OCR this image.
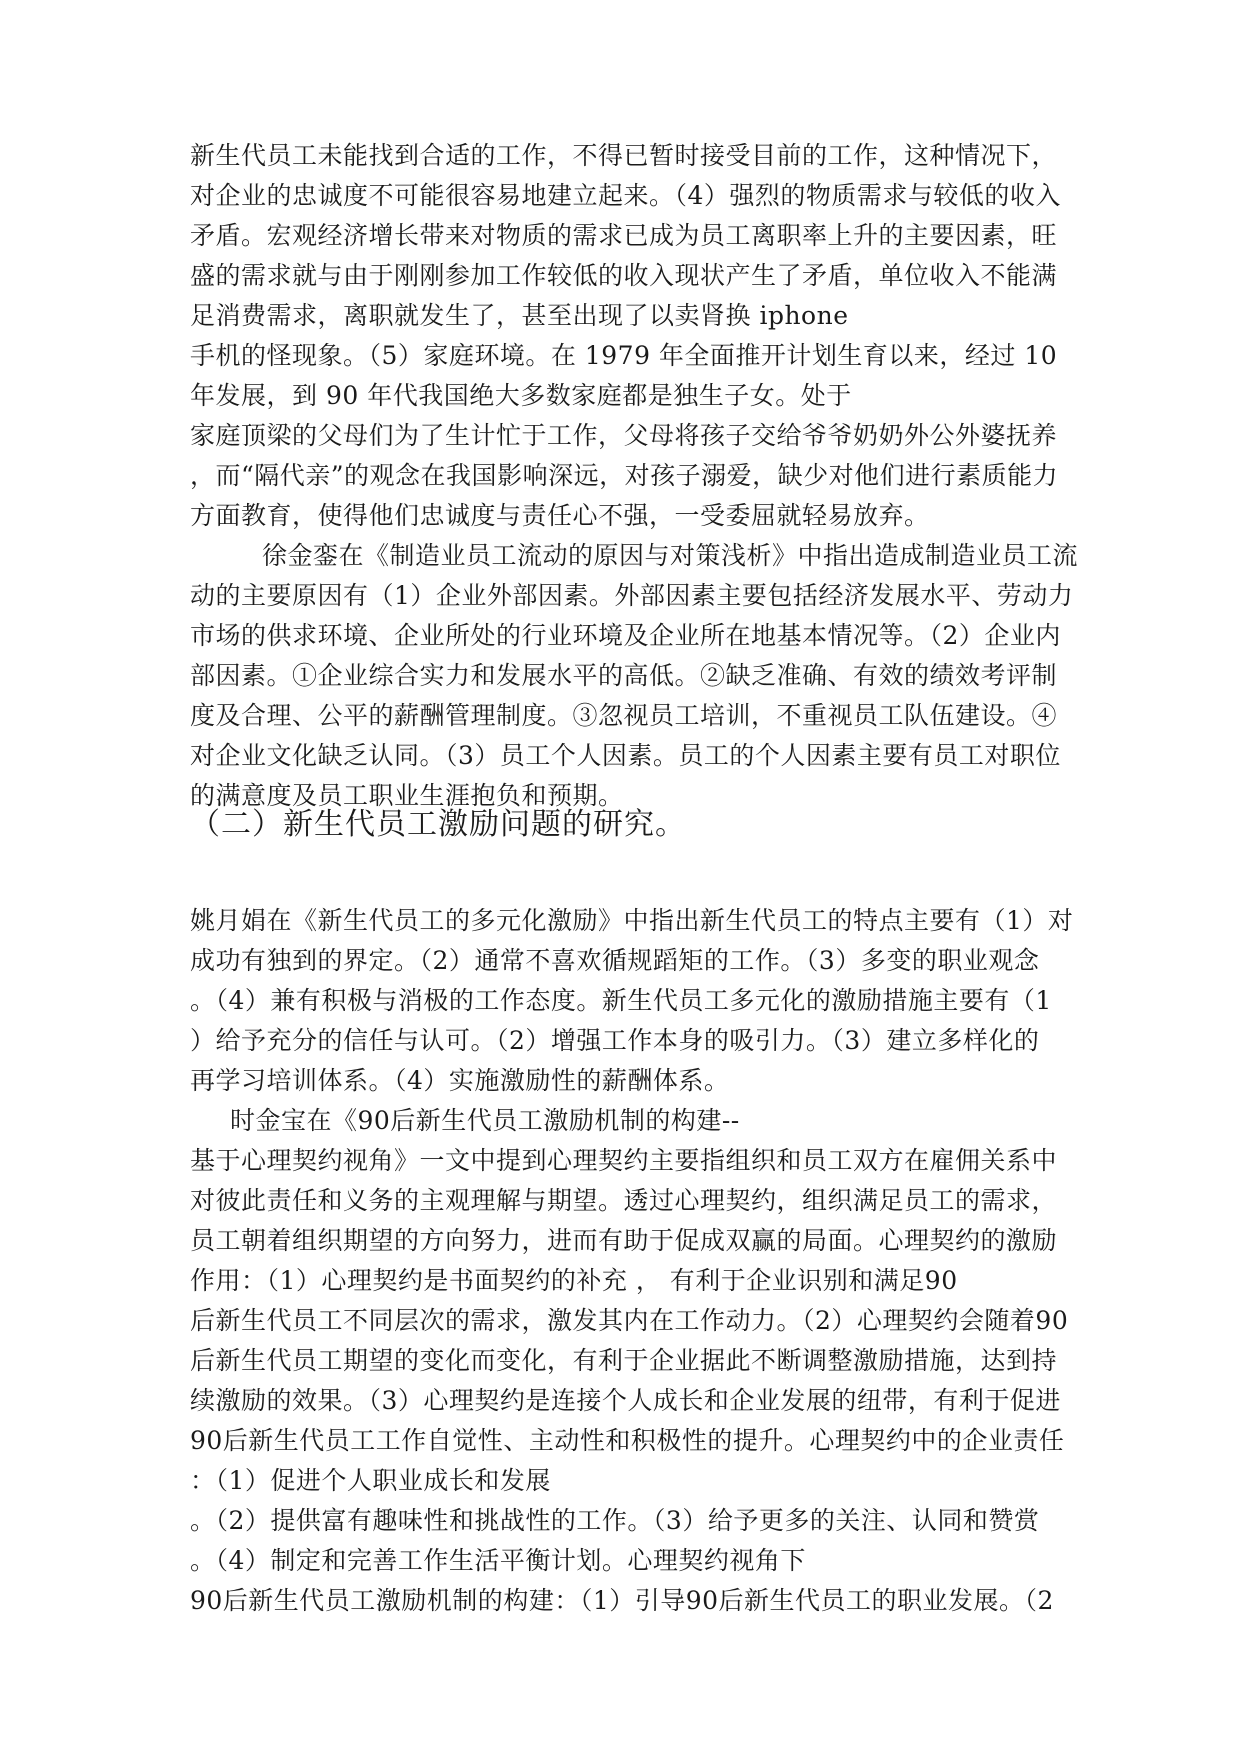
新生代员工未能找到合适的工作，不得已暂时接受目前的工作，这种情况下，
对企业的忠诚度不可能很容易地建立起来。（4）强烈的物质需求与较低的收入
矛盾。宏观经济增长带来对物质的需求已成为员工离职率上升的主要因素，旺
盛的需求就与由于刚刚参加工作较低的收入现状产生了矛盾，单位收入不能满
足消费需求，离职就发生了，甚至出现了以卖肾换 iphone
手机的怪现象。（5）家庭环境。在 1979 年全面推开计划生育以来，经过 10
年发展，到 90 年代我国绝大多数家庭都是独生子女。处于
家庭顶梁的父母们为了生计忙于工作，父母将孩子交给爷爷奶奶外公外婆抚养
，而“隔代亲”的观念在我国影响深远，对孩子溺爱，缺少对他们进行素质能力
方面教育，使得他们忠诚度与责任心不强，一受委屈就轻易放弃。
徐金銮在《制造业员工流动的原因与对策浅析》中指出造成制造业员工流
动的主要原因有（1）企业外部因素。外部因素主要包括经济发展水平、劳动力
市场的供求环境、企业所处的行业环境及企业所在地基本情况等。（2）企业内
部因素。①企业综合实力和发展水平的高低。②缺乏准确、有效的绩效考评制
度及合理、公平的薪酬管理制度。③忽视员工培训，不重视员工队伍建设。④
对企业文化缺乏认同。（3）员工个人因素。员工的个人因素主要有员工对职位
的满意度及员工职业生涯抱负和预期。
（二）新生代员工激励问题的研究。
姚月娟在《新生代员工的多元化激励》中指出新生代员工的特点主要有（1）对
成功有独到的界定。（2）通常不喜欢循规蹈矩的工作。（3）多变的职业观念
。（4）兼有积极与消极的工作态度。新生代员工多元化的激励措施主要有（1
）给予充分的信任与认可。（2）增强工作本身的吸引力。（3）建立多样化的
再学习培训体系。（4）实施激励性的薪酬体系。
时金宝在《90后新生代员工激励机制的构建--
基于心理契约视角》一文中提到心理契约主要指组织和员工双方在雇佣关系中
对彼此责任和义务的主观理解与期望。透过心理契约，组织满足员工的需求，
员工朝着组织期望的方向努力，进而有助于促成双赢的局面。心理契约的激励
作用：（1）心理契约是书面契约的补充 ， 有利于企业识别和满足90
后新生代员工不同层次的需求，激发其内在工作动力。（2）心理契约会随着90
后新生代员工期望的变化而变化，有利于企业据此不断调整激励措施，达到持
续激励的效果。（3）心理契约是连接个人成长和企业发展的纽带，有利于促进
90后新生代员工工作自觉性、主动性和积极性的提升。心理契约中的企业责任
：（1）促进个人职业成长和发展
。（2）提供富有趣味性和挑战性的工作。（3）给予更多的关注、认同和赞赏
。（4）制定和完善工作生活平衡计划。心理契约视角下
90后新生代员工激励机制的构建：（1）引导90后新生代员工的职业发展。（2
